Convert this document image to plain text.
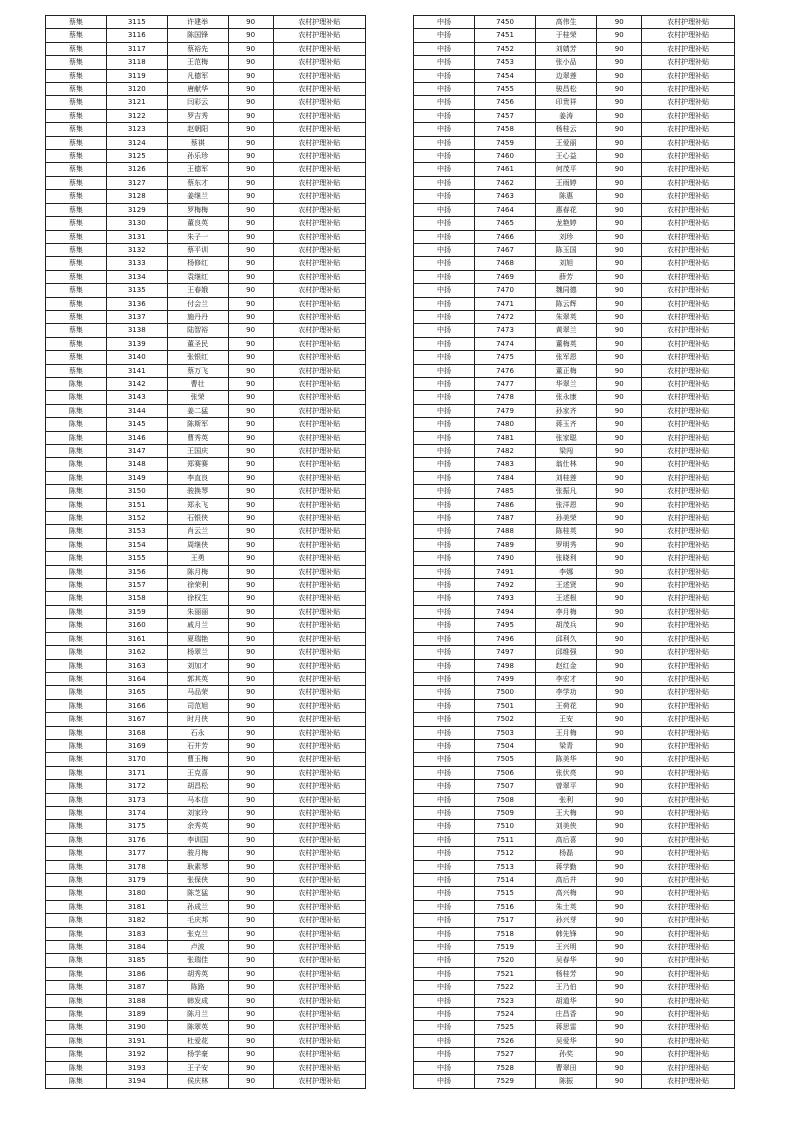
蔡集	3115	许建举	90	农村护理补贴
蔡集	3116	陈国锋	90	农村护理补贴
蔡集	3117	蔡裕先	90	农村护理补贴
蔡集	3118	王范梅	90	农村护理补贴
蔡集	3119	凡德军	90	农村护理补贴
蔡集	3120	唐献华	90	农村护理补贴
蔡集	3121	闫彩云	90	农村护理补贴
蔡集	3122	罗吉秀	90	农村护理补贴
蔡集	3123	赵朝阳	90	农村护理补贴
蔡集	3124	蔡祺	90	农村护理补贴
蔡集	3125	孙乐珍	90	农村护理补贴
蔡集	3126	王德军	90	农村护理补贴
蔡集	3127	蔡东才	90	农村护理补贴
蔡集	3128	姜继兰	90	农村护理补贴
蔡集	3129	罗梅梅	90	农村护理补贴
蔡集	3130	董良英	90	农村护理补贴
蔡集	3131	朱子一	90	农村护理补贴
蔡集	3132	蔡平训	90	农村护理补贴
蔡集	3133	杨修红	90	农村护理补贴
蔡集	3134	袁继红	90	农村护理补贴
蔡集	3135	王春娥	90	农村护理补贴
蔡集	3136	付会兰	90	农村护理补贴
蔡集	3137	施丹丹	90	农村护理补贴
蔡集	3138	陆智裕	90	农村护理补贴
蔡集	3139	董圣民	90	农村护理补贴
蔡集	3140	张银红	90	农村护理补贴
蔡集	3141	蔡万飞	90	农村护理补贴
陈集	3142	曹壮	90	农村护理补贴
陈集	3143	张荣	90	农村护理补贴
陈集	3144	姜二猛	90	农村护理补贴
陈集	3145	陈斯军	90	农村护理补贴
陈集	3146	曹秀英	90	农村护理补贴
陈集	3147	王国庆	90	农村护理补贴
陈集	3148	郑赛赛	90	农村护理补贴
陈集	3149	李直良	90	农村护理补贴
陈集	3150	骏换琴	90	农村护理补贴
陈集	3151	郑永飞	90	农村护理补贴
陈集	3152	石银侠	90	农村护理补贴
陈集	3153	肖云兰	90	农村护理补贴
陈集	3154	周继侠	90	农村护理补贴
陈集	3155	王勇	90	农村护理补贴
陈集	3156	陈月梅	90	农村护理补贴
陈集	3157	徐荣利	90	农村护理补贴
陈集	3158	徐权生	90	农村护理补贴
陈集	3159	朱丽丽	90	农村护理补贴
陈集	3160	戚月兰	90	农村护理补贴
陈集	3161	夏瑞艳	90	农村护理补贴
陈集	3162	杨翠兰	90	农村护理补贴
陈集	3163	刘加才	90	农村护理补贴
陈集	3164	郭其英	90	农村护理补贴
陈集	3165	马品荣	90	农村护理补贴
陈集	3166	司范旭	90	农村护理补贴
陈集	3167	时月侠	90	农村护理补贴
陈集	3168	石永	90	农村护理补贴
陈集	3169	石井芳	90	农村护理补贴
陈集	3170	曹玉梅	90	农村护理补贴
陈集	3171	王克喜	90	农村护理补贴
陈集	3172	胡昌松	90	农村护理补贴
陈集	3173	马本信	90	农村护理补贴
陈集	3174	刘家玲	90	农村护理补贴
陈集	3175	余秀英	90	农村护理补贴
陈集	3176	李训国	90	农村护理补贴
陈集	3177	骏月梅	90	农村护理补贴
陈集	3178	耿素琴	90	农村护理补贴
陈集	3179	张保侠	90	农村护理补贴
陈集	3180	陈芝猛	90	农村护理补贴
陈集	3181	孙成兰	90	农村护理补贴
陈集	3182	毛庆邦	90	农村护理补贴
陈集	3183	张克兰	90	农村护理补贴
陈集	3184	卢波	90	农村护理补贴
陈集	3185	张瑞佳	90	农村护理补贴
陈集	3186	胡秀英	90	农村护理补贴
陈集	3187	陈路	90	农村护理补贴
陈集	3188	韩发成	90	农村护理补贴
陈集	3189	陈月兰	90	农村护理补贴
陈集	3190	陈翠英	90	农村护理补贴
陈集	3191	杜爱花	90	农村护理补贴
陈集	3192	杨学豪	90	农村护理补贴
陈集	3193	王子安	90	农村护理补贴
陈集	3194	侯庆林	90	农村护理补贴
中扬	7450	高伟生	90	农村护理补贴
中扬	7451	于桂荣	90	农村护理补贴
中扬	7452	刘婧芳	90	农村护理补贴
中扬	7453	张小品	90	农村护理补贴
中扬	7454	边翠莲	90	农村护理补贴
中扬	7455	骏昌松	90	农村护理补贴
中扬	7456	印贵祥	90	农村护理补贴
中扬	7457	姜涛	90	农村护理补贴
中扬	7458	杨桂云	90	农村护理补贴
中扬	7459	王爱丽	90	农村护理补贴
中扬	7460	王心益	90	农村护理补贴
中扬	7461	何茂平	90	农村护理补贴
中扬	7462	王雨婷	90	农村护理补贴
中扬	7463	陈惠	90	农村护理补贴
中扬	7464	惠春花	90	农村护理补贴
中扬	7465	龙艳婷	90	农村护理补贴
中扬	7466	刘珍	90	农村护理补贴
中扬	7467	陈玉国	90	农村护理补贴
中扬	7468	刘旭	90	农村护理补贴
中扬	7469	薛芳	90	农村护理补贴
中扬	7470	魏同德	90	农村护理补贴
中扬	7471	陈云辉	90	农村护理补贴
中扬	7472	朱翠英	90	农村护理补贴
中扬	7473	黄翠兰	90	农村护理补贴
中扬	7474	董梅英	90	农村护理补贴
中扬	7475	张军恩	90	农村护理补贴
中扬	7476	董正梅	90	农村护理补贴
中扬	7477	华翠兰	90	农村护理补贴
中扬	7478	张永康	90	农村护理补贴
中扬	7479	孙家齐	90	农村护理补贴
中扬	7480	蒋玉齐	90	农村护理补贴
中扬	7481	张家聪	90	农村护理补贴
中扬	7482	梁闯	90	农村护理补贴
中扬	7483	翁仕林	90	农村护理补贴
中扬	7484	刘桂莲	90	农村护理补贴
中扬	7485	张振凡	90	农村护理补贴
中扬	7486	张洋恩	90	农村护理补贴
中扬	7487	孙美荣	90	农村护理补贴
中扬	7488	陈桂英	90	农村护理补贴
中扬	7489	罗明秀	90	农村护理补贴
中扬	7490	张晓利	90	农村护理补贴
中扬	7491	李娜	90	农村护理补贴
中扬	7492	王述贤	90	农村护理补贴
中扬	7493	王述根	90	农村护理补贴
中扬	7494	李月梅	90	农村护理补贴
中扬	7495	胡茂兵	90	农村护理补贴
中扬	7496	邱利久	90	农村护理补贴
中扬	7497	邱维强	90	农村护理补贴
中扬	7498	赵红金	90	农村护理补贴
中扬	7499	李宏才	90	农村护理补贴
中扬	7500	李学功	90	农村护理补贴
中扬	7501	王荷花	90	农村护理补贴
中扬	7502	王安	90	农村护理补贴
中扬	7503	王月梅	90	农村护理补贴
中扬	7504	梁青	90	农村护理补贴
中扬	7505	陈美华	90	农村护理补贴
中扬	7506	张伏亮	90	农村护理补贴
中扬	7507	曾翠平	90	农村护理补贴
中扬	7508	张利	90	农村护理补贴
中扬	7509	王大梅	90	农村护理补贴
中扬	7510	刘美侠	90	农村护理补贴
中扬	7511	高后喜	90	农村护理补贴
中扬	7512	杨磊	90	农村护理补贴
中扬	7513	蒋学勤	90	农村护理补贴
中扬	7514	高后井	90	农村护理补贴
中扬	7515	高兴梅	90	农村护理补贴
中扬	7516	朱士英	90	农村护理补贴
中扬	7517	孙兴芽	90	农村护理补贴
中扬	7518	韩先锋	90	农村护理补贴
中扬	7519	王兴明	90	农村护理补贴
中扬	7520	吴春华	90	农村护理补贴
中扬	7521	杨桂芳	90	农村护理补贴
中扬	7522	王乃伯	90	农村护理补贴
中扬	7523	胡道华	90	农村护理补贴
中扬	7524	庄昌香	90	农村护理补贴
中扬	7525	蒋思雷	90	农村护理补贴
中扬	7526	吴爱华	90	农村护理补贴
中扬	7527	孙奖	90	农村护理补贴
中扬	7528	曹翠田	90	农村护理补贴
中扬	7529	陈振	90	农村护理补贴
